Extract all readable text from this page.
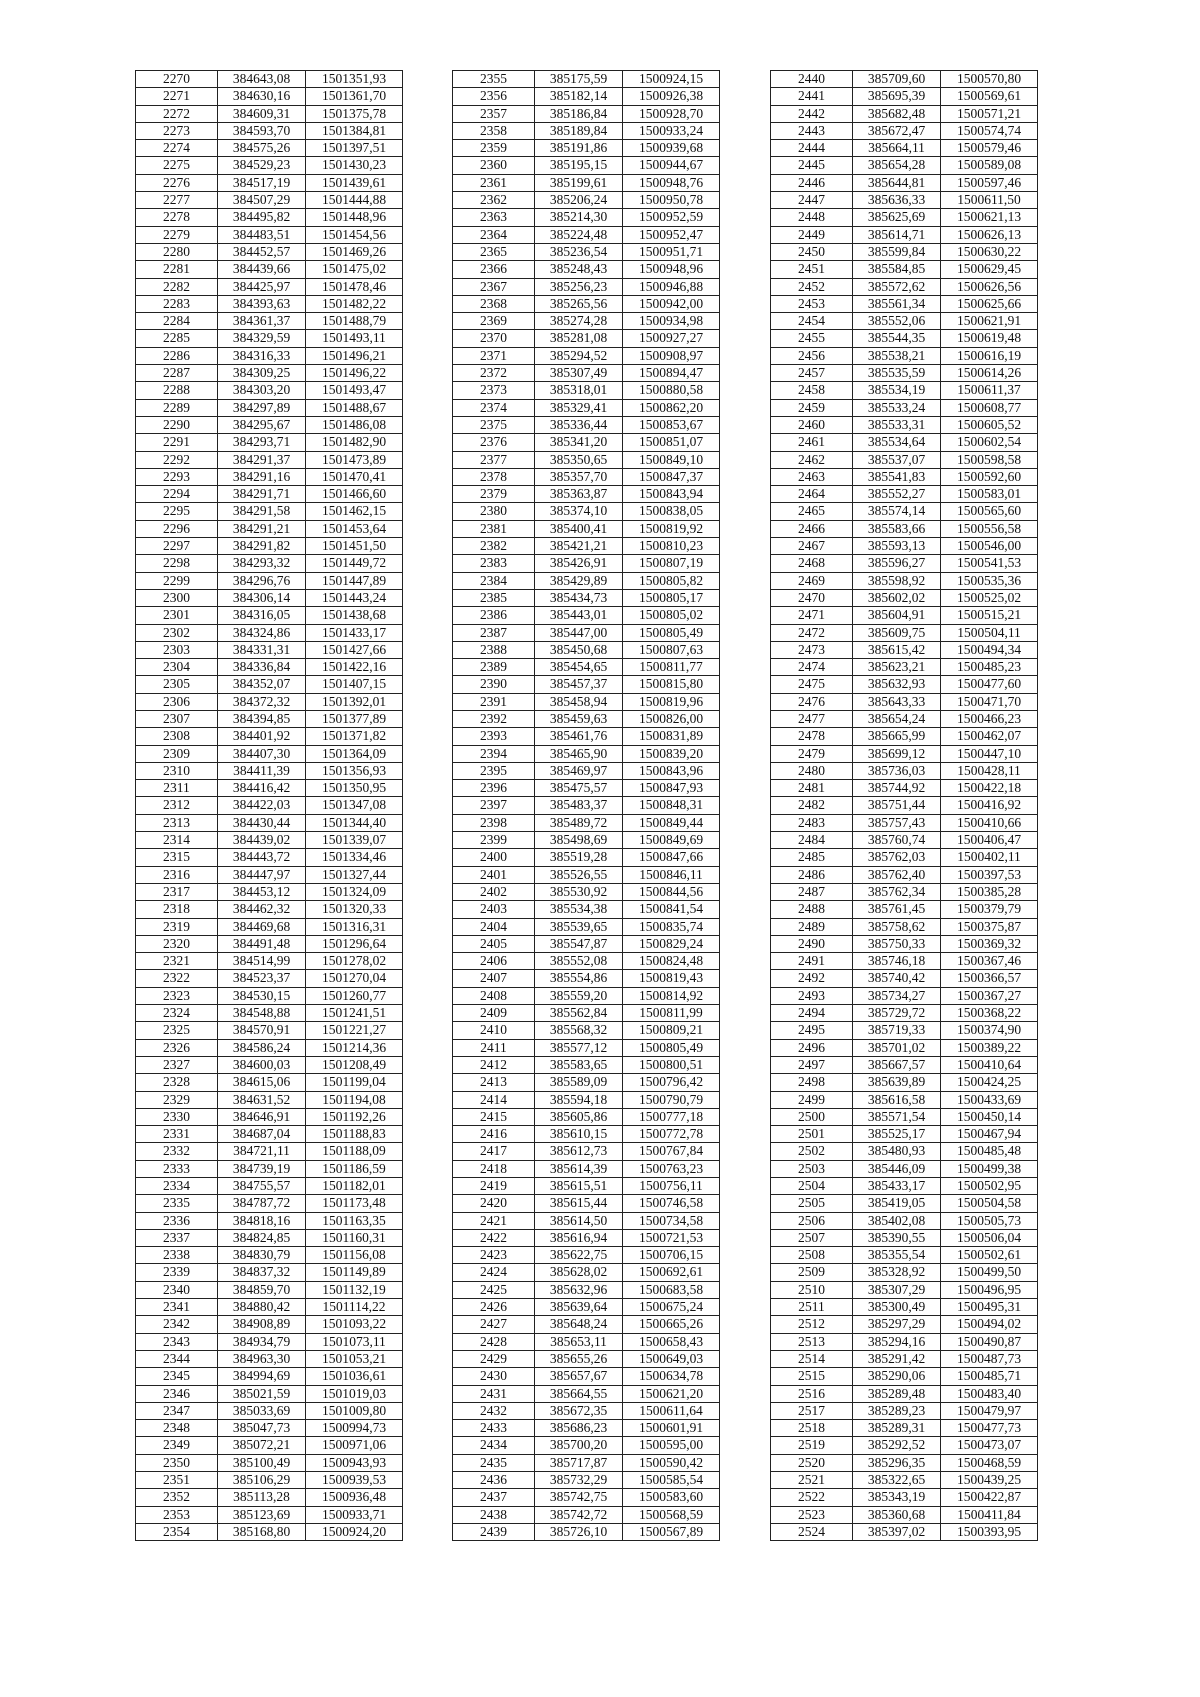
2270	384643,08	1501351,93
2271	384630,16	1501361,70
2272	384609,31	1501375,78
2273	384593,70	1501384,81
2274	384575,26	1501397,51
2275	384529,23	1501430,23
2276	384517,19	1501439,61
2277	384507,29	1501444,88
2278	384495,82	1501448,96
2279	384483,51	1501454,56
2280	384452,57	1501469,26
2281	384439,66	1501475,02
2282	384425,97	1501478,46
2283	384393,63	1501482,22
2284	384361,37	1501488,79
2285	384329,59	1501493,11
2286	384316,33	1501496,21
2287	384309,25	1501496,22
2288	384303,20	1501493,47
2289	384297,89	1501488,67
2290	384295,67	1501486,08
2291	384293,71	1501482,90
2292	384291,37	1501473,89
2293	384291,16	1501470,41
2294	384291,71	1501466,60
2295	384291,58	1501462,15
2296	384291,21	1501453,64
2297	384291,82	1501451,50
2298	384293,32	1501449,72
2299	384296,76	1501447,89
2300	384306,14	1501443,24
2301	384316,05	1501438,68
2302	384324,86	1501433,17
2303	384331,31	1501427,66
2304	384336,84	1501422,16
2305	384352,07	1501407,15
2306	384372,32	1501392,01
2307	384394,85	1501377,89
2308	384401,92	1501371,82
2309	384407,30	1501364,09
2310	384411,39	1501356,93
2311	384416,42	1501350,95
2312	384422,03	1501347,08
2313	384430,44	1501344,40
2314	384439,02	1501339,07
2315	384443,72	1501334,46
2316	384447,97	1501327,44
2317	384453,12	1501324,09
2318	384462,32	1501320,33
2319	384469,68	1501316,31
2320	384491,48	1501296,64
2321	384514,99	1501278,02
2322	384523,37	1501270,04
2323	384530,15	1501260,77
2324	384548,88	1501241,51
2325	384570,91	1501221,27
2326	384586,24	1501214,36
2327	384600,03	1501208,49
2328	384615,06	1501199,04
2329	384631,52	1501194,08
2330	384646,91	1501192,26
2331	384687,04	1501188,83
2332	384721,11	1501188,09
2333	384739,19	1501186,59
2334	384755,57	1501182,01
2335	384787,72	1501173,48
2336	384818,16	1501163,35
2337	384824,85	1501160,31
2338	384830,79	1501156,08
2339	384837,32	1501149,89
2340	384859,70	1501132,19
2341	384880,42	1501114,22
2342	384908,89	1501093,22
2343	384934,79	1501073,11
2344	384963,30	1501053,21
2345	384994,69	1501036,61
2346	385021,59	1501019,03
2347	385033,69	1501009,80
2348	385047,73	1500994,73
2349	385072,21	1500971,06
2350	385100,49	1500943,93
2351	385106,29	1500939,53
2352	385113,28	1500936,48
2353	385123,69	1500933,71
2354	385168,80	1500924,20
2355	385175,59	1500924,15
2356	385182,14	1500926,38
2357	385186,84	1500928,70
2358	385189,84	1500933,24
2359	385191,86	1500939,68
2360	385195,15	1500944,67
2361	385199,61	1500948,76
2362	385206,24	1500950,78
2363	385214,30	1500952,59
2364	385224,48	1500952,47
2365	385236,54	1500951,71
2366	385248,43	1500948,96
2367	385256,23	1500946,88
2368	385265,56	1500942,00
2369	385274,28	1500934,98
2370	385281,08	1500927,27
2371	385294,52	1500908,97
2372	385307,49	1500894,47
2373	385318,01	1500880,58
2374	385329,41	1500862,20
2375	385336,44	1500853,67
2376	385341,20	1500851,07
2377	385350,65	1500849,10
2378	385357,70	1500847,37
2379	385363,87	1500843,94
2380	385374,10	1500838,05
2381	385400,41	1500819,92
2382	385421,21	1500810,23
2383	385426,91	1500807,19
2384	385429,89	1500805,82
2385	385434,73	1500805,17
2386	385443,01	1500805,02
2387	385447,00	1500805,49
2388	385450,68	1500807,63
2389	385454,65	1500811,77
2390	385457,37	1500815,80
2391	385458,94	1500819,96
2392	385459,63	1500826,00
2393	385461,76	1500831,89
2394	385465,90	1500839,20
2395	385469,97	1500843,96
2396	385475,57	1500847,93
2397	385483,37	1500848,31
2398	385489,72	1500849,44
2399	385498,69	1500849,69
2400	385519,28	1500847,66
2401	385526,55	1500846,11
2402	385530,92	1500844,56
2403	385534,38	1500841,54
2404	385539,65	1500835,74
2405	385547,87	1500829,24
2406	385552,08	1500824,48
2407	385554,86	1500819,43
2408	385559,20	1500814,92
2409	385562,84	1500811,99
2410	385568,32	1500809,21
2411	385577,12	1500805,49
2412	385583,65	1500800,51
2413	385589,09	1500796,42
2414	385594,18	1500790,79
2415	385605,86	1500777,18
2416	385610,15	1500772,78
2417	385612,73	1500767,84
2418	385614,39	1500763,23
2419	385615,51	1500756,11
2420	385615,44	1500746,58
2421	385614,50	1500734,58
2422	385616,94	1500721,53
2423	385622,75	1500706,15
2424	385628,02	1500692,61
2425	385632,96	1500683,58
2426	385639,64	1500675,24
2427	385648,24	1500665,26
2428	385653,11	1500658,43
2429	385655,26	1500649,03
2430	385657,67	1500634,78
2431	385664,55	1500621,20
2432	385672,35	1500611,64
2433	385686,23	1500601,91
2434	385700,20	1500595,00
2435	385717,87	1500590,42
2436	385732,29	1500585,54
2437	385742,75	1500583,60
2438	385742,72	1500568,59
2439	385726,10	1500567,89
2440	385709,60	1500570,80
2441	385695,39	1500569,61
2442	385682,48	1500571,21
2443	385672,47	1500574,74
2444	385664,11	1500579,46
2445	385654,28	1500589,08
2446	385644,81	1500597,46
2447	385636,33	1500611,50
2448	385625,69	1500621,13
2449	385614,71	1500626,13
2450	385599,84	1500630,22
2451	385584,85	1500629,45
2452	385572,62	1500626,56
2453	385561,34	1500625,66
2454	385552,06	1500621,91
2455	385544,35	1500619,48
2456	385538,21	1500616,19
2457	385535,59	1500614,26
2458	385534,19	1500611,37
2459	385533,24	1500608,77
2460	385533,31	1500605,52
2461	385534,64	1500602,54
2462	385537,07	1500598,58
2463	385541,83	1500592,60
2464	385552,27	1500583,01
2465	385574,14	1500565,60
2466	385583,66	1500556,58
2467	385593,13	1500546,00
2468	385596,27	1500541,53
2469	385598,92	1500535,36
2470	385602,02	1500525,02
2471	385604,91	1500515,21
2472	385609,75	1500504,11
2473	385615,42	1500494,34
2474	385623,21	1500485,23
2475	385632,93	1500477,60
2476	385643,33	1500471,70
2477	385654,24	1500466,23
2478	385665,99	1500462,07
2479	385699,12	1500447,10
2480	385736,03	1500428,11
2481	385744,92	1500422,18
2482	385751,44	1500416,92
2483	385757,43	1500410,66
2484	385760,74	1500406,47
2485	385762,03	1500402,11
2486	385762,40	1500397,53
2487	385762,34	1500385,28
2488	385761,45	1500379,79
2489	385758,62	1500375,87
2490	385750,33	1500369,32
2491	385746,18	1500367,46
2492	385740,42	1500366,57
2493	385734,27	1500367,27
2494	385729,72	1500368,22
2495	385719,33	1500374,90
2496	385701,02	1500389,22
2497	385667,57	1500410,64
2498	385639,89	1500424,25
2499	385616,58	1500433,69
2500	385571,54	1500450,14
2501	385525,17	1500467,94
2502	385480,93	1500485,48
2503	385446,09	1500499,38
2504	385433,17	1500502,95
2505	385419,05	1500504,58
2506	385402,08	1500505,73
2507	385390,55	1500506,04
2508	385355,54	1500502,61
2509	385328,92	1500499,50
2510	385307,29	1500496,95
2511	385300,49	1500495,31
2512	385297,29	1500494,02
2513	385294,16	1500490,87
2514	385291,42	1500487,73
2515	385290,06	1500485,71
2516	385289,48	1500483,40
2517	385289,23	1500479,97
2518	385289,31	1500477,73
2519	385292,52	1500473,07
2520	385296,35	1500468,59
2521	385322,65	1500439,25
2522	385343,19	1500422,87
2523	385360,68	1500411,84
2524	385397,02	1500393,95
